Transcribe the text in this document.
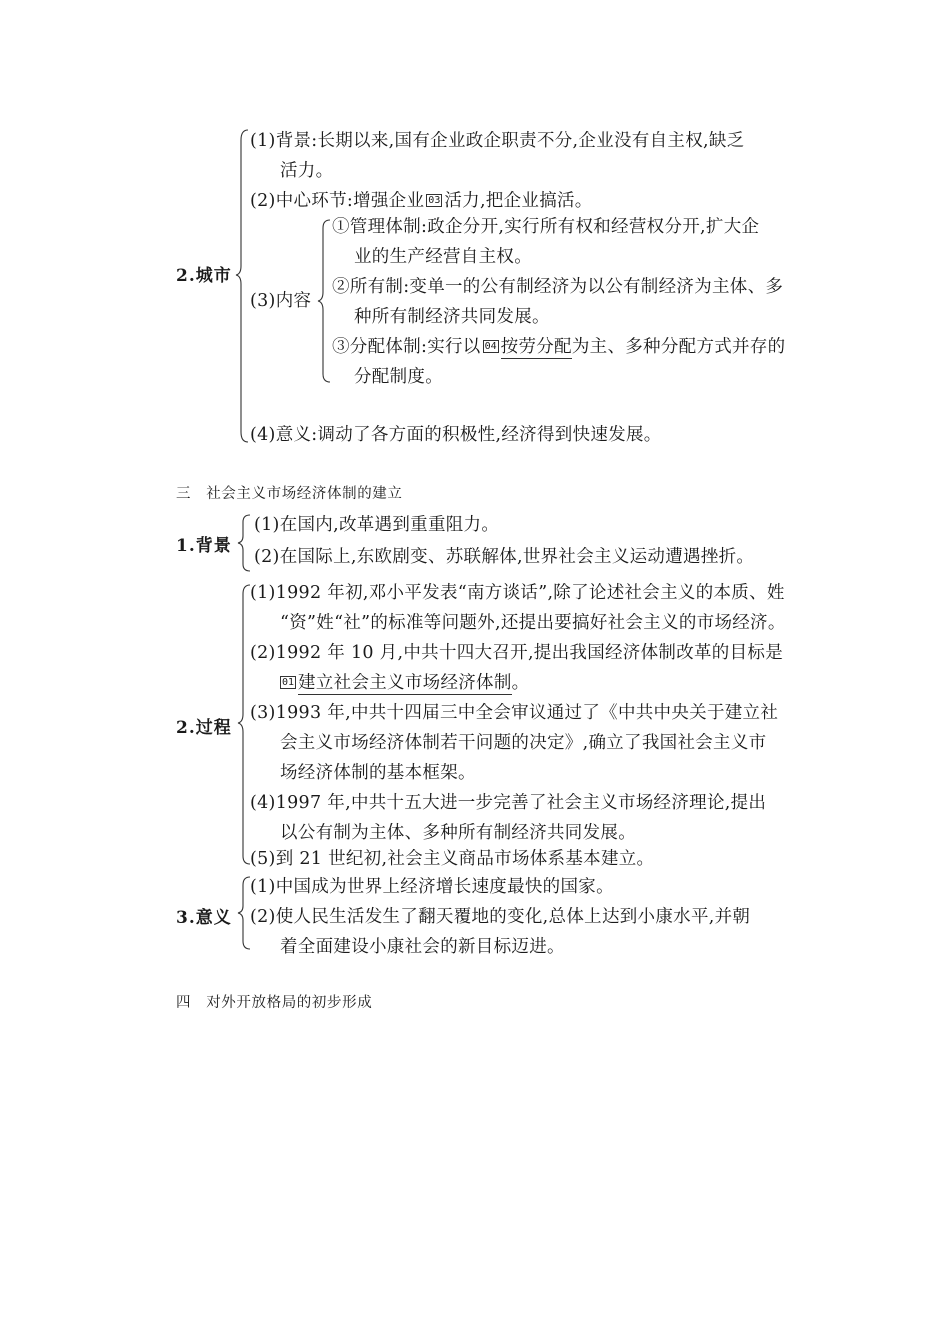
2.城市
(1)背景:长期以来,国有企业政企职责不分,企业没有自主权,缺乏
活力。
(2)中心环节:增强企业 03 活力,把企业搞活。
(3)内容
①管理体制:政企分开,实行所有权和经营权分开,扩大企
业的生产经营自主权。
②所有制:变单一的公有制经济为以公有制经济为主体、多
种所有制经济共同发展。
③分配体制:实行以 04 按劳分配为主、多种分配方式并存的
分配制度。
(4)意义:调动了各方面的积极性,经济得到快速发展。
三　社会主义市场经济体制的建立
1.背景
(1)在国内,改革遇到重重阻力。
(2)在国际上,东欧剧变、苏联解体,世界社会主义运动遭遇挫折。
2.过程
(1)1992 年初,邓小平发表“南方谈话”,除了论述社会主义的本质、姓
“资”姓“社”的标准等问题外,还提出要搞好社会主义的市场经济。
(2)1992 年 10 月,中共十四大召开,提出我国经济体制改革的目标是
01 建立社会主义市场经济体制。
(3)1993 年,中共十四届三中全会审议通过了《中共中央关于建立社
会主义市场经济体制若干问题的决定》,确立了我国社会主义市
场经济体制的基本框架。
(4)1997 年,中共十五大进一步完善了社会主义市场经济理论,提出
以公有制为主体、多种所有制经济共同发展。
(5)到 21 世纪初,社会主义商品市场体系基本建立。
3.意义
(1)中国成为世界上经济增长速度最快的国家。
(2)使人民生活发生了翻天覆地的变化,总体上达到小康水平,并朝
着全面建设小康社会的新目标迈进。
四　对外开放格局的初步形成
